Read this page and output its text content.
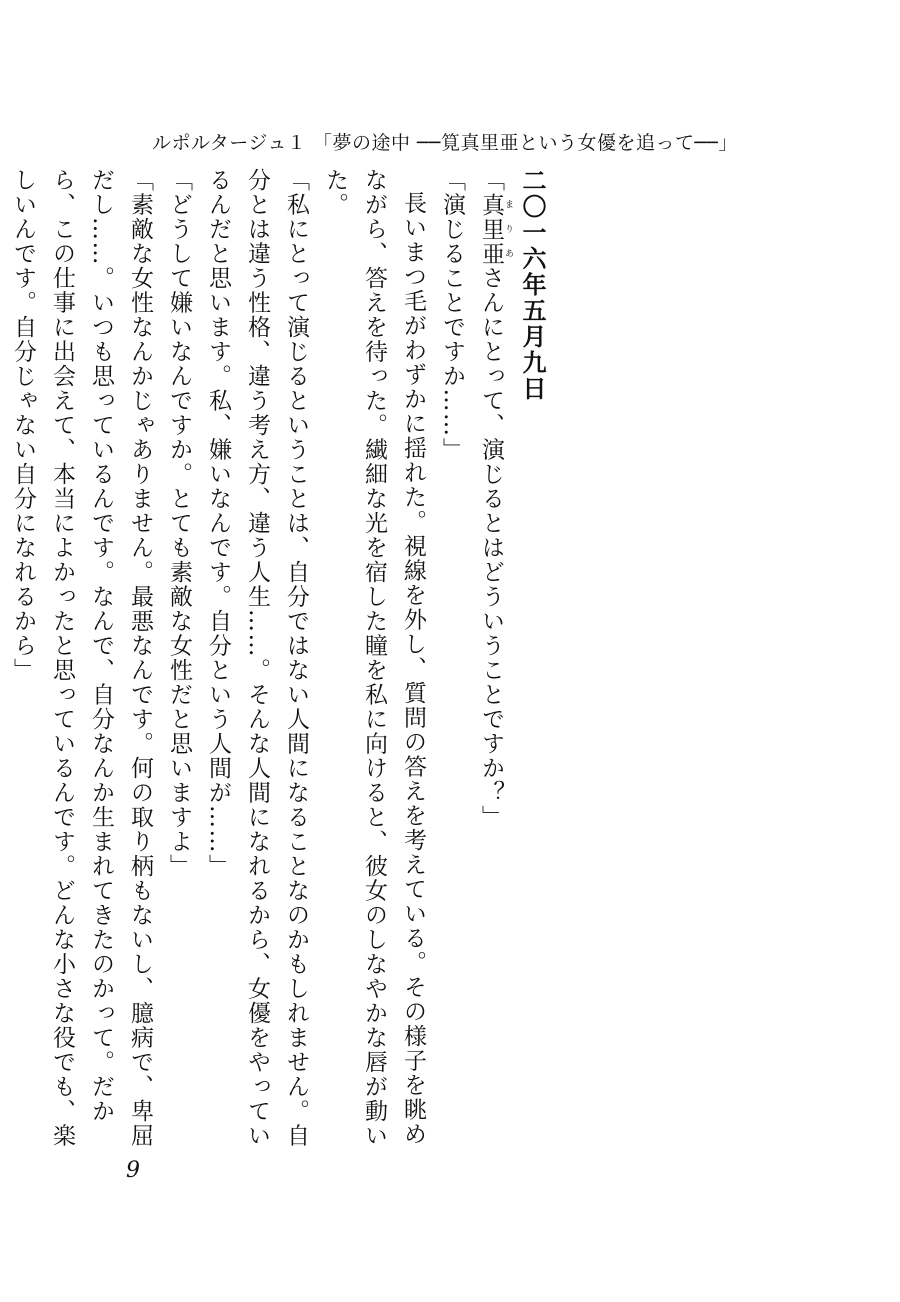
ルポルタージュ１ 「夢の途中 ──筧真里亜という女優を追って──」

二〇一六年五月九日

「真里亜 まりあさんにとって、演じるとはどういうことですか？」

「演じることですか……」

長いまつ毛がわずかに揺れた。視線を外し、質問の答えを考えている。その様子を眺めながら、答えを待った。繊細な光を宿した瞳を私に向けると、彼女のしなやかな唇が動いた。

「私にとって演じるということは、自分ではない人間になることなのかもしれません。自分とは違う性格、違う考え方、違う人生……。そんな人間になれるから、女優をやっているんだと思います。私、嫌いなんです。自分という人間が……」

「どうして嫌いなんですか。とても素敵な女性だと思いますよ」

「素敵な女性なんかじゃありません。最悪なんです。何の取り柄もないし、臆病で、卑屈だし……。いつも思っているんです。なんで、自分なんか生まれてきたのかって。だから、この仕事に出会えて、本当によかったと思っているんです。どんな小さな役でも、楽しいんです。自分じゃない自分になれるから」

9
